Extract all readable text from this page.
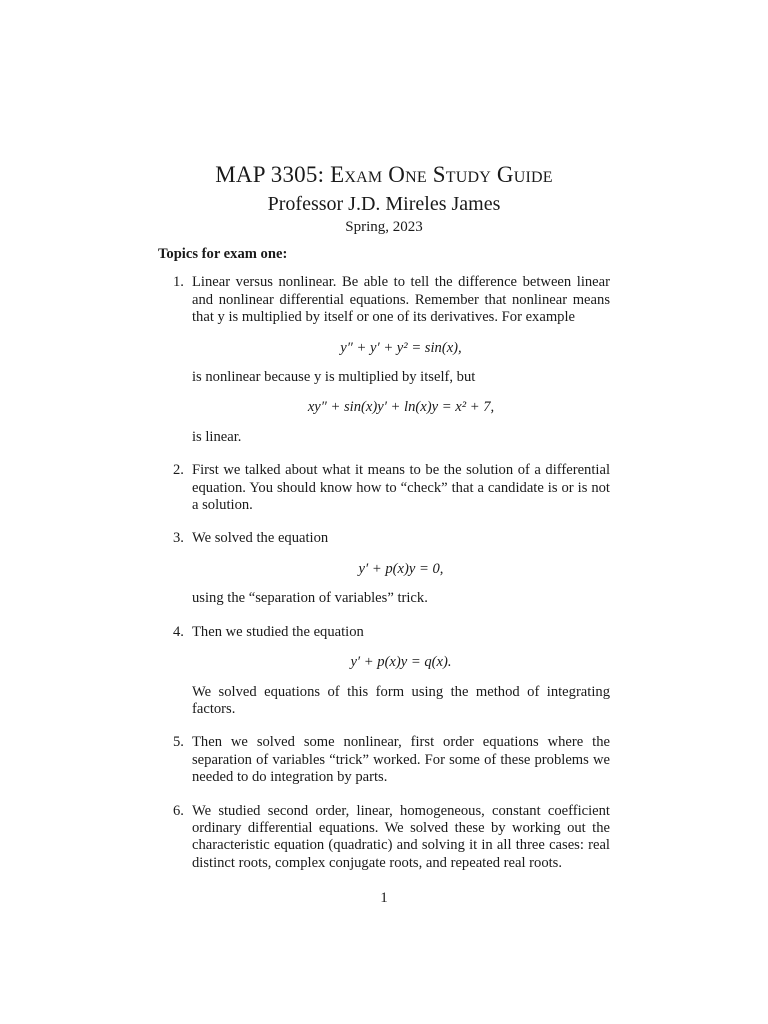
MAP 3305: Exam One Study Guide
Professor J.D. Mireles James
Spring, 2023
Topics for exam one:
1. Linear versus nonlinear. Be able to tell the difference between linear and nonlinear differential equations. Remember that nonlinear means that y is multiplied by itself or one of its derivatives. For example
y″ + y′ + y² = sin(x),
is nonlinear because y is multiplied by itself, but
xy″ + sin(x)y′ + ln(x)y = x² + 7,
is linear.
2. First we talked about what it means to be the solution of a differential equation. You should know how to “check” that a candidate is or is not a solution.
3. We solved the equation
y′ + p(x)y = 0,
using the “separation of variables” trick.
4. Then we studied the equation
y′ + p(x)y = q(x).
We solved equations of this form using the method of integrating factors.
5. Then we solved some nonlinear, first order equations where the separation of variables “trick” worked. For some of these problems we needed to do integration by parts.
6. We studied second order, linear, homogeneous, constant coefficient ordinary differential equations. We solved these by working out the characteristic equation (quadratic) and solving it in all three cases: real distinct roots, complex conjugate roots, and repeated real roots.
1
